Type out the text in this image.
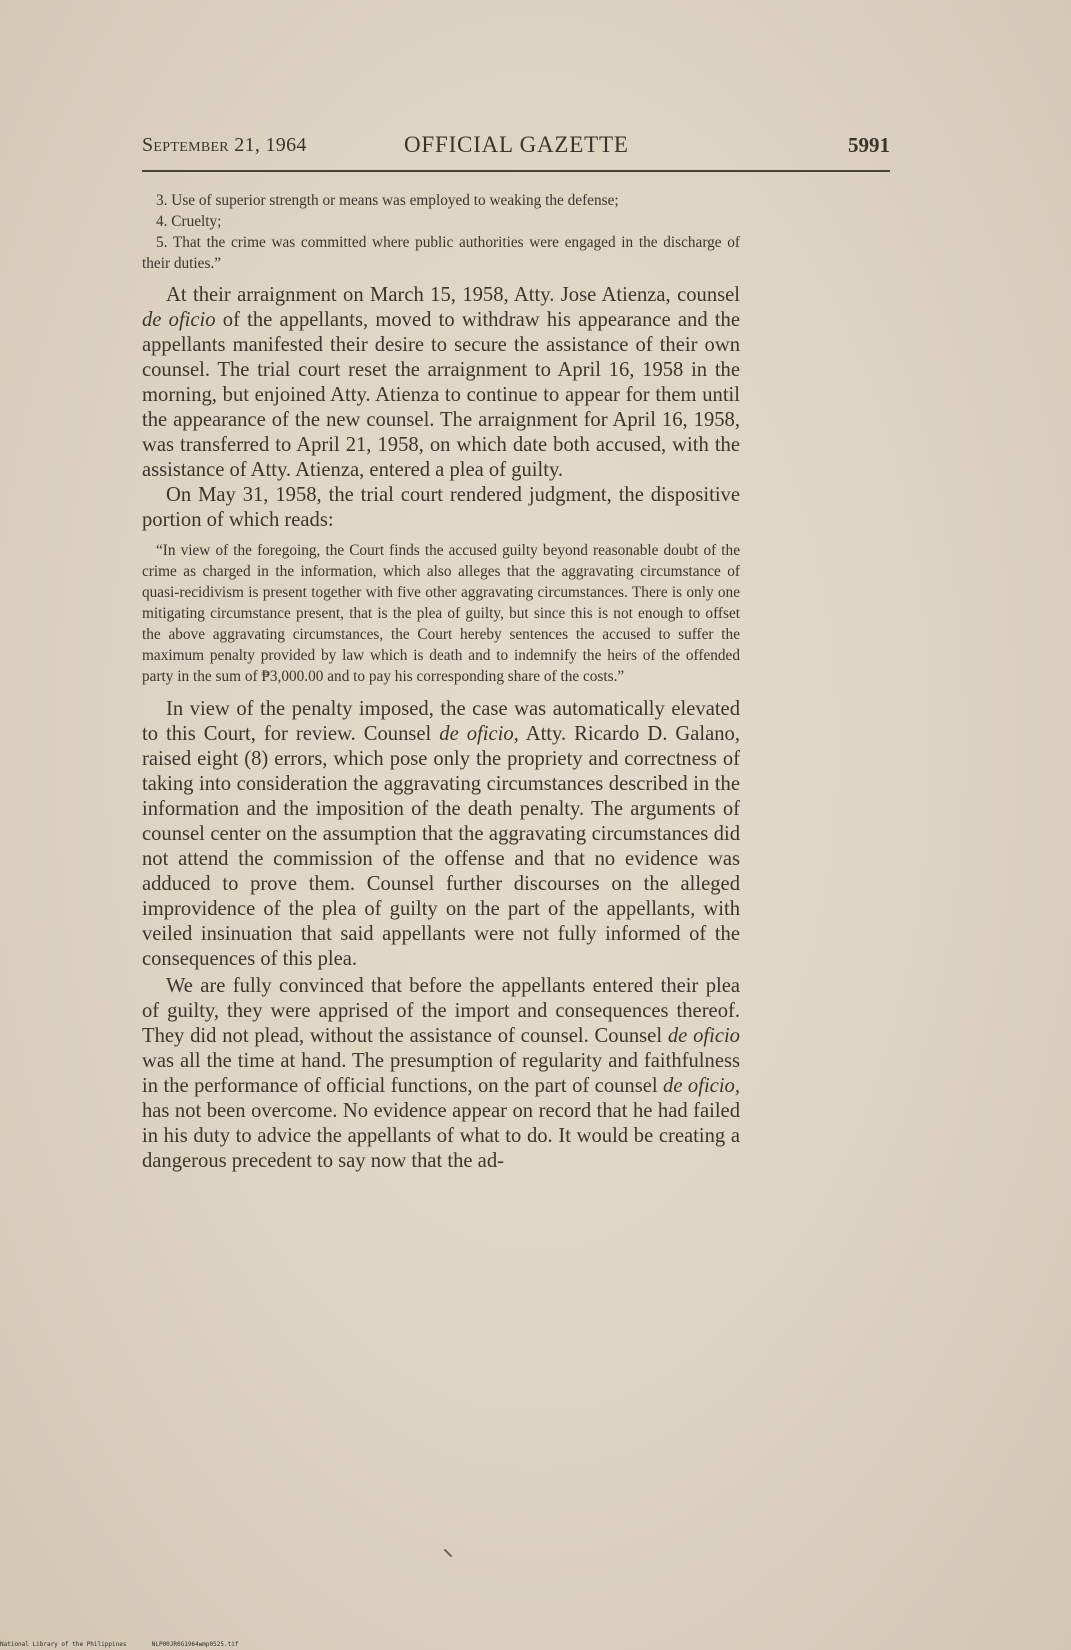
September 21, 1964	OFFICIAL GAZETTE	5991

3. Use of superior strength or means was employed to weaking the defense;

4. Cruelty;

5. That the crime was committed where public authorities were engaged in the discharge of their duties.”

At their arraignment on March 15, 1958, Atty. Jose Atienza, counsel de oficio of the appellants, moved to withdraw his appearance and the appellants manifested their desire to secure the assistance of their own counsel. The trial court reset the arraignment to April 16, 1958 in the morning, but enjoined Atty. Atienza to continue to appear for them until the appearance of the new counsel. The arraignment for April 16, 1958, was transferred to April 21, 1958, on which date both accused, with the assistance of Atty. Atienza, entered a plea of guilty.

On May 31, 1958, the trial court rendered judgment, the dispositive portion of which reads:

“In view of the foregoing, the Court finds the accused guilty beyond reasonable doubt of the crime as charged in the information, which also alleges that the aggravating circumstance of quasi-recidivism is present together with five other aggravating circumstances. There is only one mitigating circumstance present, that is the plea of guilty, but since this is not enough to offset the above aggravating circumstances, the Court hereby sentences the accused to suffer the maximum penalty provided by law which is death and to indemnify the heirs of the offended party in the sum of ₱3,000.00 and to pay his corresponding share of the costs.”

In view of the penalty imposed, the case was automatically elevated to this Court, for review. Counsel de oficio, Atty. Ricardo D. Galano, raised eight (8) errors, which pose only the propriety and correctness of taking into consideration the aggravating circumstances described in the information and the imposition of the death penalty. The arguments of counsel center on the assumption that the aggravating circumstances did not attend the commission of the offense and that no evidence was adduced to prove them. Counsel further discourses on the alleged improvidence of the plea of guilty on the part of the appellants, with veiled insinuation that said appellants were not fully informed of the consequences of this plea.

We are fully convinced that before the appellants entered their plea of guilty, they were apprised of the import and consequences thereof. They did not plead, without the assistance of counsel. Counsel de oficio was all the time at hand. The presumption of regularity and faithfulness in the performance of official functions, on the part of counsel de oficio, has not been overcome. No evidence appear on record that he had failed in his duty to advice the appellants of what to do. It would be creating a dangerous precedent to say now that the ad-

National Library of the Philippines	NLP00JR0G1964wmp0525.tif
